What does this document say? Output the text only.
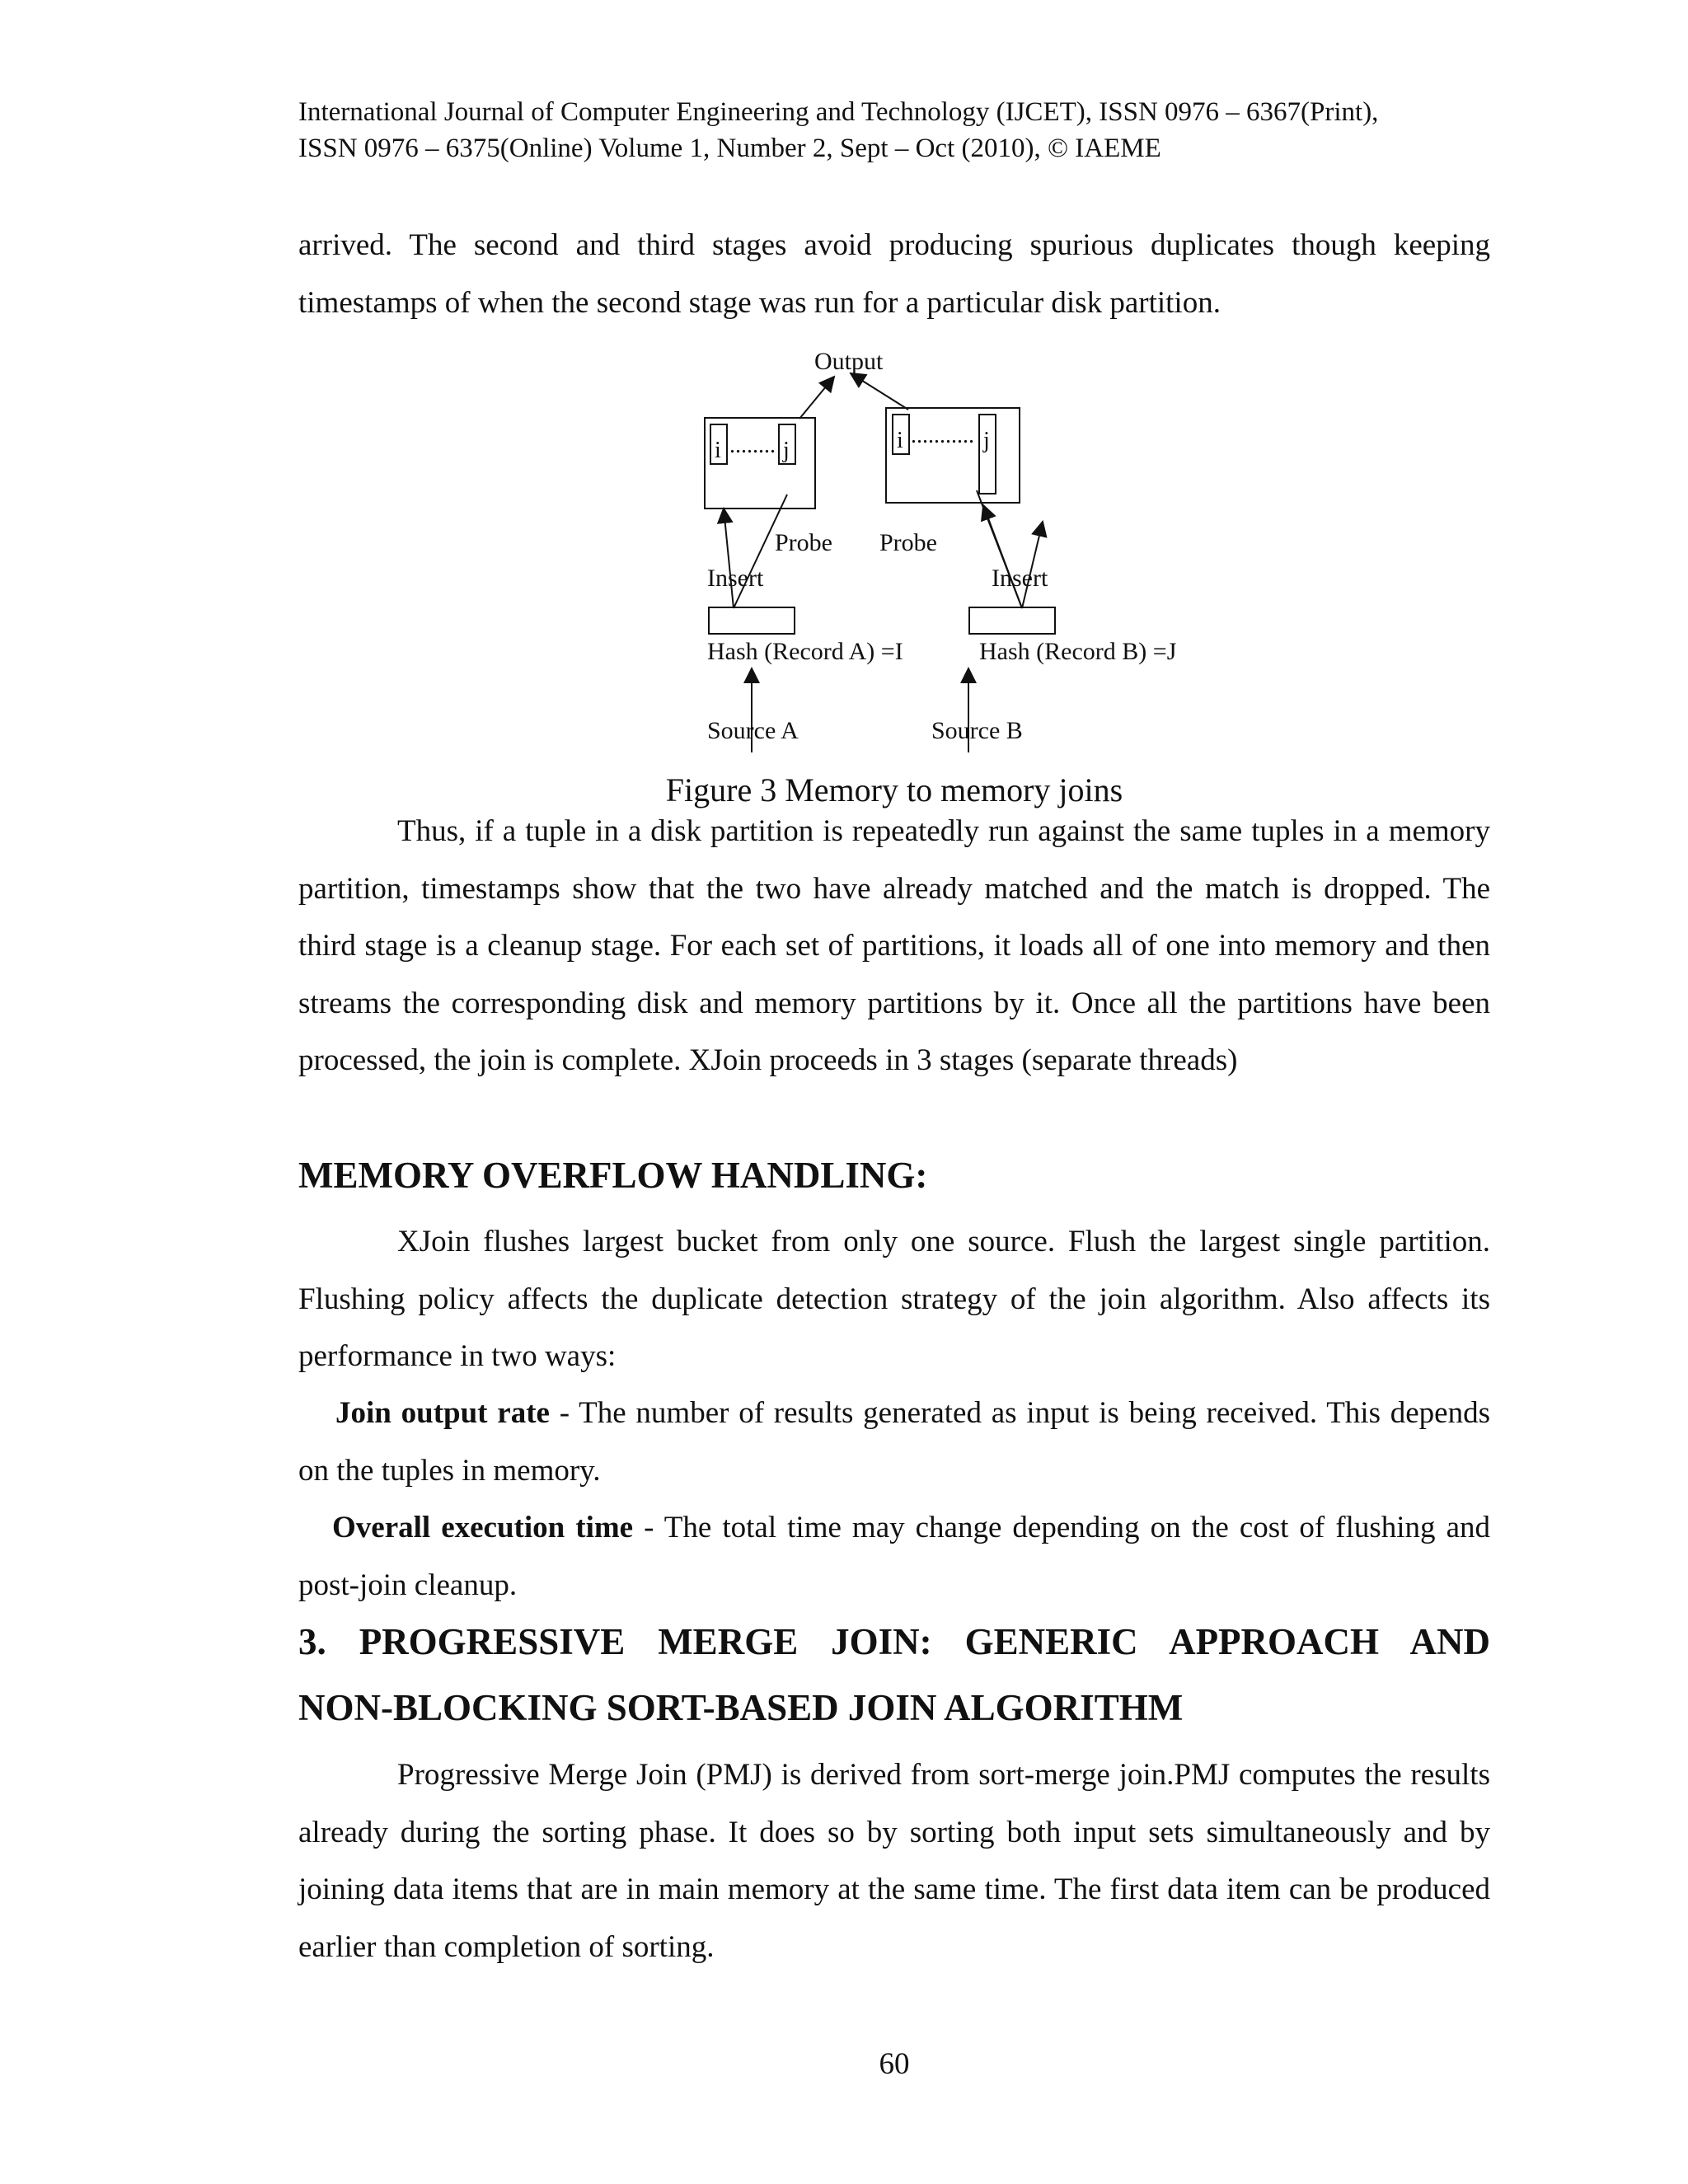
International Journal of Computer Engineering and Technology (IJCET), ISSN 0976 – 6367(Print),
ISSN 0976 – 6375(Online) Volume 1, Number 2, Sept – Oct (2010), © IAEME

arrived. The second and third stages avoid producing spurious duplicates though keeping timestamps of when the second stage was run for a particular disk partition.

Output
i ........ j	i ........... j
Probe Probe
Insert	Insert
Hash (Record A) =I	Hash (Record B) =J
Source A	Source B
Figure 3 Memory to memory joins

Thus, if a tuple in a disk partition is repeatedly run against the same tuples in a memory partition, timestamps show that the two have already matched and the match is dropped. The third stage is a cleanup stage. For each set of partitions, it loads all of one into memory and then streams the corresponding disk and memory partitions by it. Once all the partitions have been processed, the join is complete. XJoin proceeds in 3 stages (separate threads)

MEMORY OVERFLOW HANDLING:

XJoin flushes largest bucket from only one source. Flush the largest single partition. Flushing policy affects the duplicate detection strategy of the join algorithm. Also affects its performance in two ways:

Join output rate - The number of results generated as input is being received. This depends on the tuples in memory.

Overall execution time - The total time may change depending on the cost of flushing and post-join cleanup.

3. PROGRESSIVE MERGE JOIN: GENERIC APPROACH AND
NON-BLOCKING SORT-BASED JOIN ALGORITHM

Progressive Merge Join (PMJ) is derived from sort-merge join.PMJ computes the results already during the sorting phase. It does so by sorting both input sets simultaneously and by joining data items that are in main memory at the same time. The first data item can be produced earlier than completion of sorting.

60
